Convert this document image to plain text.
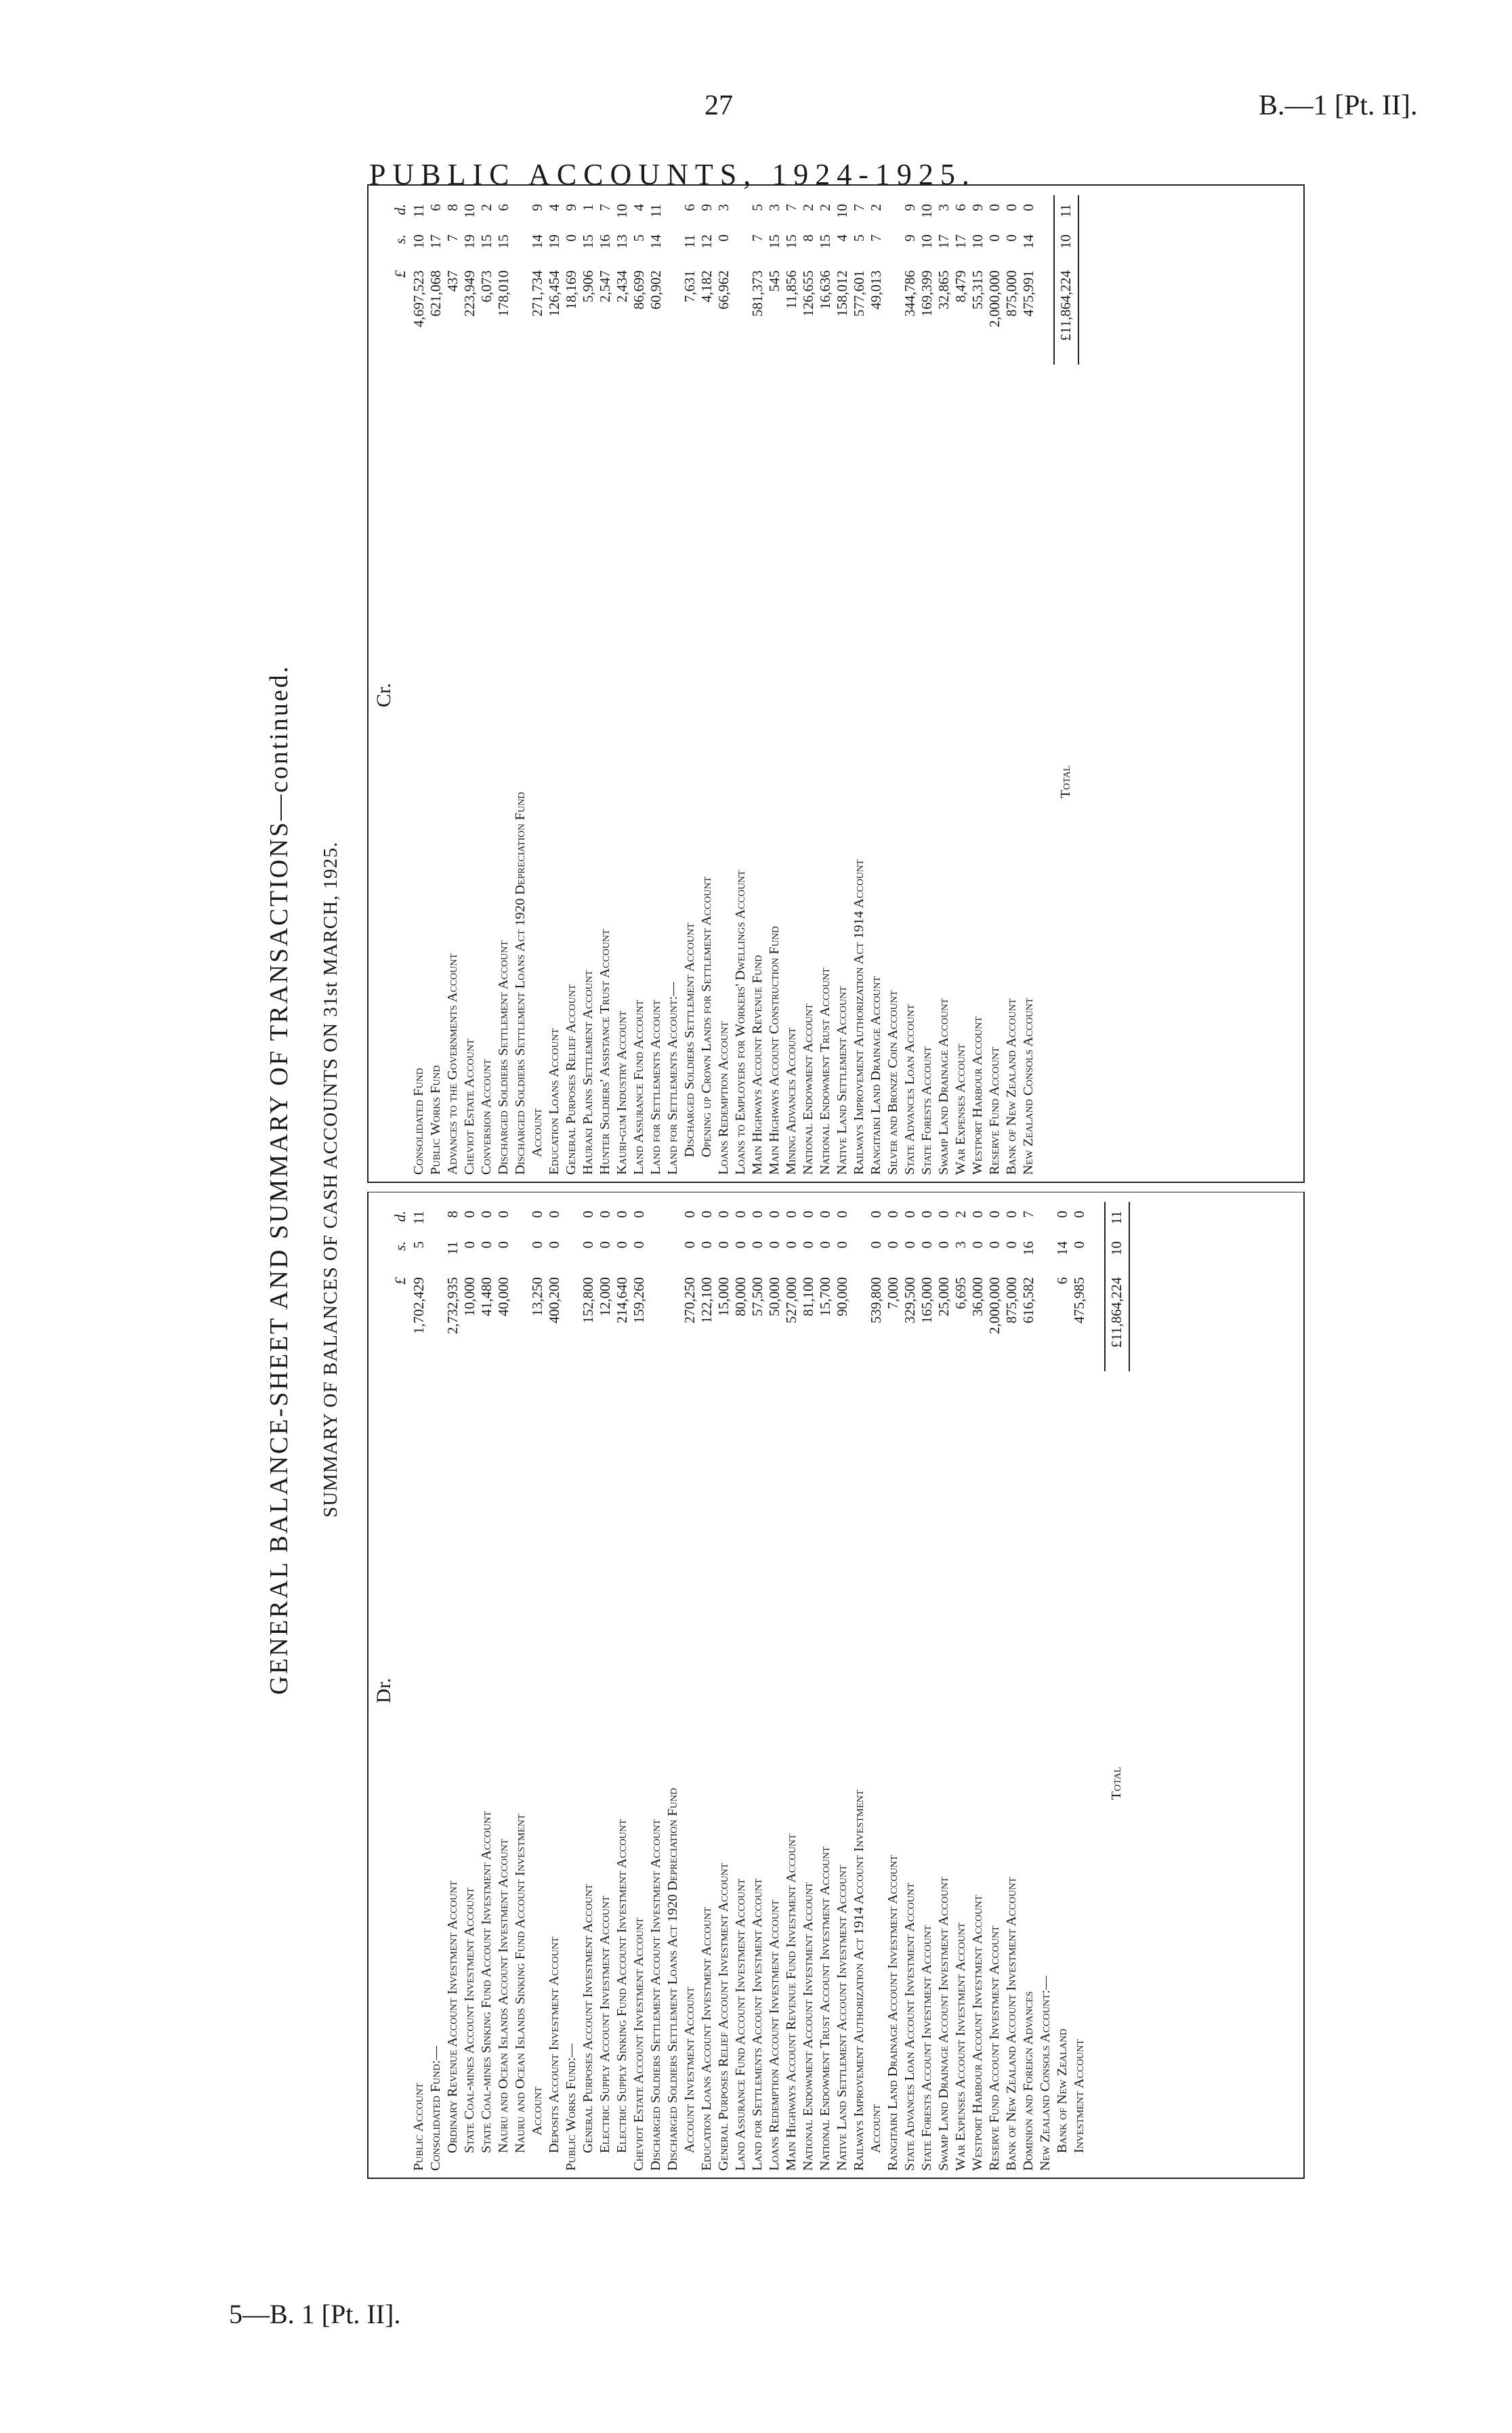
27	B.—1 [Pt. II].
PUBLIC ACCOUNTS, 1924-1925.
GENERAL BALANCE-SHEET AND SUMMARY OF TRANSACTIONS—continued. SUMMARY OF BALANCES OF CASH ACCOUNTS ON 31st MARCH, 1925.
Dr.
£
s.
d.
Public Account
1,702,429
5
11
Consolidated Fund:— Ordinary Revenue Account Investment Account
2,732,935
11
8
State Coal-mines Account Investment Account
10,000
0
0
State Coal-mines Sinking Fund Account Investment Account
41,480
0
0
Nauru and Ocean Islands Account Investment Account
40,000
0
0
Nauru and Ocean Islands Sinking Fund Account Investment Account
13,250
0
0
Deposits Account Investment Account
400,200
0
0
Public Works Fund:— General Purposes Account Investment Account
152,800
0
0
Electric Supply Account Investment Account
12,000
0
0
Electric Supply Sinking Fund Account Investment Account
214,640
0
0
Cheviot Estate Account Investment Account
159,260
0
0
Discharged Soldiers Settlement Account Investment Account Discharged Soldiers Settlement Loans Act 1920 Depreciation Fund Account Investment Account
270,250
0
0
Education Loans Account Investment Account
122,100
0
0
General Purposes Relief Account Investment Account
15,000
0
0
Land Assurance Fund Account Investment Account
80,000
0
0
Land for Settlements Account Investment Account
57,500
0
0
Loans Redemption Account Investment Account
50,000
0
0
Main Highways Account Revenue Fund Investment Account
527,000
0
0
National Endowment Account Investment Account
81,100
0
0
National Endowment Trust Account Investment Account
15,700
0
0
Native Land Settlement Account Investment Account
90,000
0
0
Railways Improvement Authorization Act 1914 Account Investment Account
539,800
0
0
Rangitaiki Land Drainage Account Investment Account
7,000
0
0
State Advances Loan Account Investment Account
329,500
0
0
State Forests Account Investment Account
165,000
0
0
Swamp Land Drainage Account Investment Account
25,000
0
0
War Expenses Account Investment Account
6,695
3
2
Westport Harbour Account Investment Account
36,000
0
0
Reserve Fund Account Investment Account
2,000,000
0
0
Bank of New Zealand Account Investment Account
875,000
0
0
Dominion and Foreign Advances
616,582
16
7
New Zealand Consols Account:— Bank of New Zealand
6
14
0
Investment Account
475,985
0
0
Total
£11,864,224
10
11
Cr.
£
s.
d.
Consolidated Fund
4,697,523
10
11
Public Works Fund
621,068
17
6
Advances to the Governments Account
437
7
8
Cheviot Estate Account
223,949
19
10
Conversion Account
6,073
15
2
Discharged Soldiers Settlement Account
178,010
15
6
Discharged Soldiers Settlement Loans Act 1920 Depreciation Fund Account
271,734
14
9
Education Loans Account
126,454
19
4
General Purposes Relief Account
18,169
0
9
Hauraki Plains Settlement Account
5,906
15
1
Hunter Soldiers' Assistance Trust Account
2,547
16
7
Kauri-gum Industry Account
2,434
13
10
Land Assurance Fund Account
86,699
5
4
Land for Settlements Account
60,902
14
11
Land for Settlements Account:— Discharged Soldiers Settlement Account
7,631
11
6
Opening up Crown Lands for Settlement Account
4,182
12
9
Loans Redemption Account
66,962
0
3
Loans to Employers for Workers' Dwellings Account Main Highways Account Revenue Fund
581,373
7
5
Main Highways Account Construction Fund
545
15
3
Mining Advances Account
11,856
15
7
National Endowment Account
126,655
8
2
National Endowment Trust Account
16,636
15
2
Native Land Settlement Account
158,012
4
10
Railways Improvement Authorization Act 1914 Account
577,601
5
7
Rangitaiki Land Drainage Account
49,013
7
2
Silver and Bronze Coin Account State Advances Loan Account
344,786
9
9
State Forests Account
169,399
10
10
Swamp Land Drainage Account
32,865
17
3
War Expenses Account
8,479
17
6
Westport Harbour Account
55,315
10
9
Reserve Fund Account
2,000,000
0
0
Bank of New Zealand Account
875,000
0
0
New Zealand Consols Account
475,991
14
0
Total
£11,864,224
10
11
5—B. 1 [Pt. II].
